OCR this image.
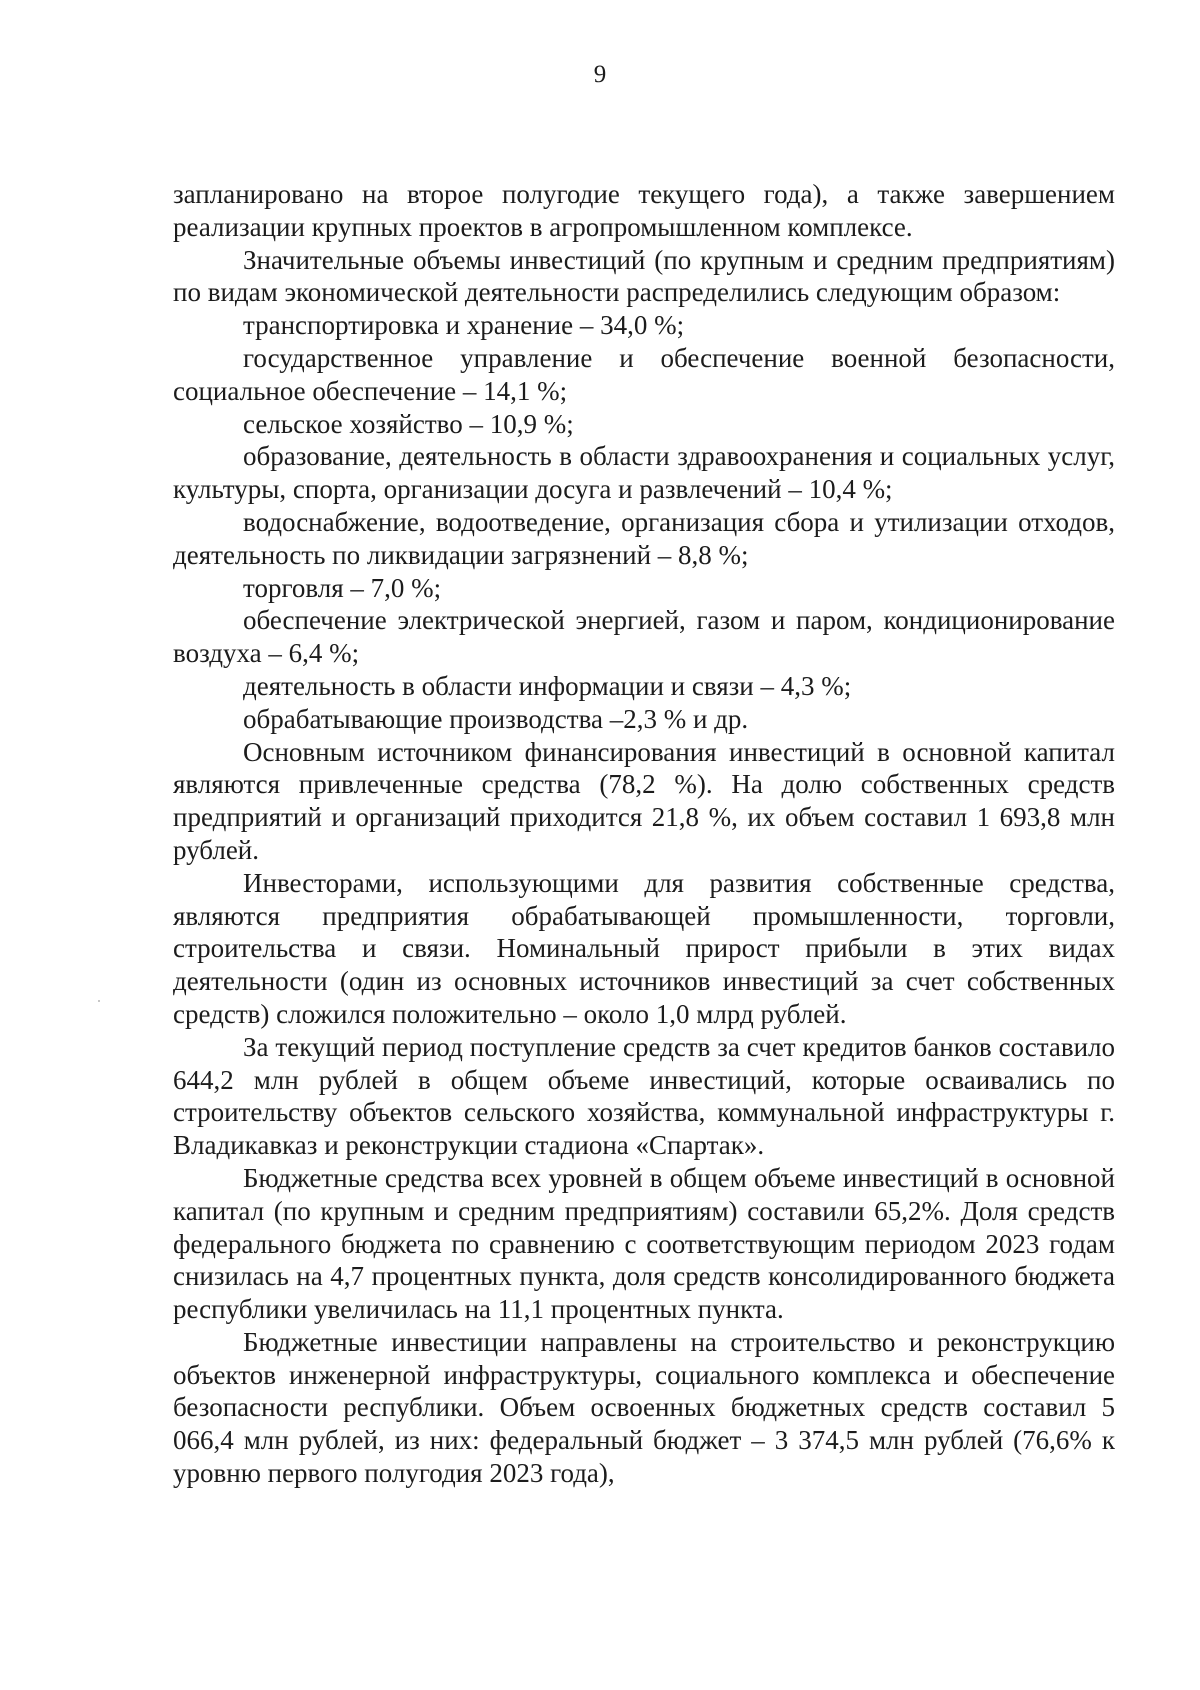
9

запланировано на второе полугодие текущего года), а также завершением реализации крупных проектов в агропромышленном комплексе.

Значительные объемы инвестиций (по крупным и средним предприятиям) по видам экономической деятельности распределились следующим образом:

транспортировка и хранение – 34,0 %;

государственное управление и обеспечение военной безопасности, социальное обеспечение – 14,1 %;

сельское хозяйство – 10,9 %;

образование, деятельность в области здравоохранения и социальных услуг, культуры, спорта, организации досуга и развлечений – 10,4 %;

водоснабжение, водоотведение, организация сбора и утилизации отходов, деятельность по ликвидации загрязнений – 8,8 %;

торговля – 7,0 %;

обеспечение электрической энергией, газом и паром, кондиционирование воздуха – 6,4 %;

деятельность в области информации и связи – 4,3 %;

обрабатывающие производства –2,3 % и др.

Основным источником финансирования инвестиций в основной капитал являются привлеченные средства (78,2 %). На долю собственных средств предприятий и организаций приходится 21,8 %, их объем составил 1 693,8 млн рублей.

Инвесторами, использующими для развития собственные средства, являются предприятия обрабатывающей промышленности, торговли, строительства и связи. Номинальный прирост прибыли в этих видах деятельности (один из основных источников инвестиций за счет собственных средств) сложился положительно – около 1,0 млрд рублей.

За текущий период поступление средств за счет кредитов банков составило 644,2 млн рублей в общем объеме инвестиций, которые осваивались по строительству объектов сельского хозяйства, коммунальной инфраструктуры г. Владикавказ и реконструкции стадиона «Спартак».

Бюджетные средства всех уровней в общем объеме инвестиций в основной капитал (по крупным и средним предприятиям) составили 65,2%. Доля средств федерального бюджета по сравнению с соответствующим периодом 2023 годам снизилась на 4,7 процентных пункта, доля средств консолидированного бюджета республики увеличилась на 11,1 процентных пункта.

Бюджетные инвестиции направлены на строительство и реконструкцию объектов инженерной инфраструктуры, социального комплекса и обеспечение безопасности республики. Объем освоенных бюджетных средств составил 5 066,4 млн рублей, из них: федеральный бюджет – 3 374,5 млн рублей (76,6% к уровню первого полугодия 2023 года),
